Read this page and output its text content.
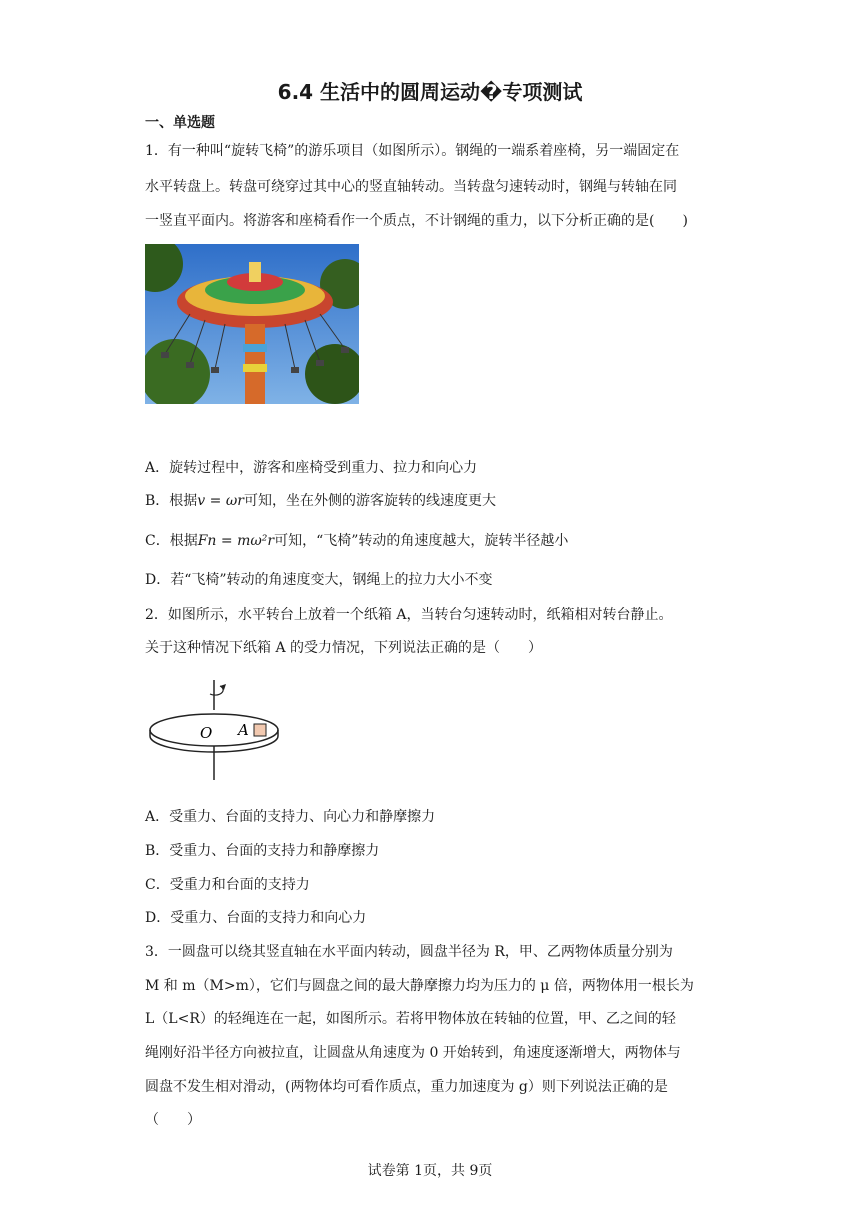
6.4 生活中的圆周运动�专项测试
一、单选题
1．有一种叫“旋转飞椅”的游乐项目（如图所示）。钢绳的一端系着座椅，另一端固定在
水平转盘上。转盘可绕穿过其中心的竖直轴转动。当转盘匀速转动时，钢绳与转轴在同
一竖直平面内。将游客和座椅看作一个质点，不计钢绳的重力，以下分析正确的是(　　)
A．旋转过程中，游客和座椅受到重力、拉力和向心力
B．根据v = ωr可知，坐在外侧的游客旋转的线速度更大
C．根据Fn = mω²r可知，“飞椅”转动的角速度越大，旋转半径越小
D．若“飞椅”转动的角速度变大，钢绳上的拉力大小不变
2．如图所示，水平转台上放着一个纸箱 A，当转台匀速转动时，纸箱相对转台静止。
关于这种情况下纸箱 A 的受力情况，下列说法正确的是（　　）
O A
A．受重力、台面的支持力、向心力和静摩擦力
B．受重力、台面的支持力和静摩擦力
C．受重力和台面的支持力
D．受重力、台面的支持力和向心力
3．一圆盘可以绕其竖直轴在水平面内转动，圆盘半径为 R，甲、乙两物体质量分别为
M 和 m（M>m），它们与圆盘之间的最大静摩擦力均为压力的 μ 倍，两物体用一根长为
L（L<R）的轻绳连在一起，如图所示。若将甲物体放在转轴的位置，甲、乙之间的轻
绳刚好沿半径方向被拉直，让圆盘从角速度为 0 开始转到，角速度逐渐增大，两物体与
圆盘不发生相对滑动，(两物体均可看作质点，重力加速度为 g）则下列说法正确的是
（　　）
试卷第 1页，共 9页
